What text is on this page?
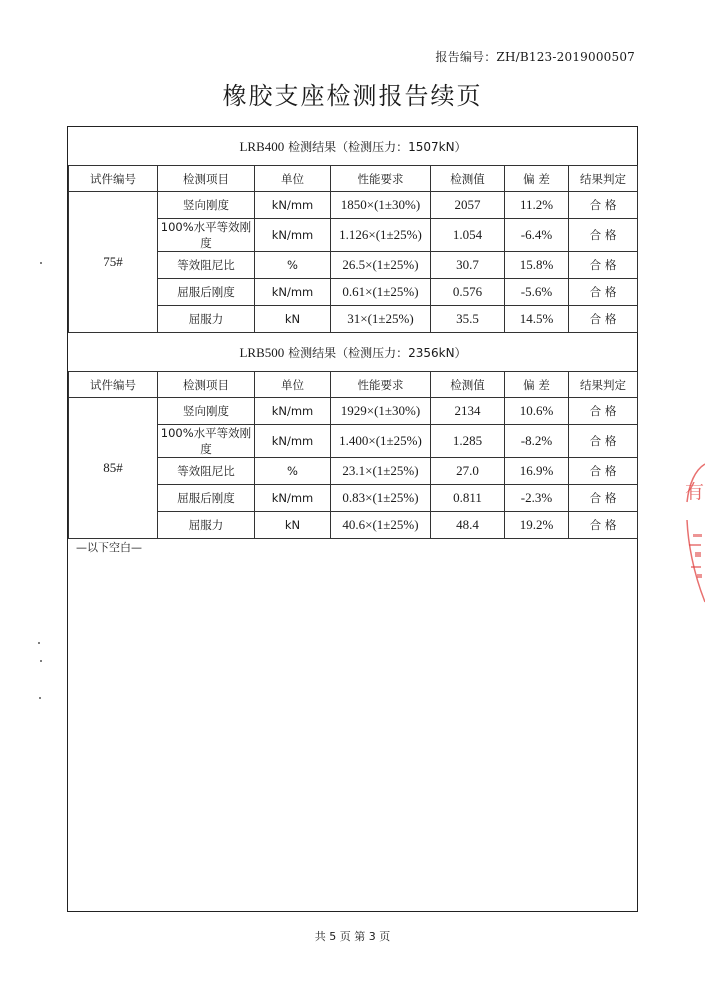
报告编号：ZH/B123-2019000507
橡胶支座检测报告续页
LRB400 检测结果（检测压力：1507kN）						
试件编号	检测项目	单位	性能要求	检测值	偏 差	结果判定
75#	竖向刚度	kN/mm	1850×(1±30%)	2057	11.2%	合 格
	100%水平等效刚度	kN/mm	1.126×(1±25%)	1.054	-6.4%	合 格
	等效阻尼比	%	26.5×(1±25%)	30.7	15.8%	合 格
	屈服后刚度	kN/mm	0.61×(1±25%)	0.576	-5.6%	合 格
	屈服力	kN	31×(1±25%)	35.5	14.5%	合 格
LRB500 检测结果（检测压力：2356kN）						
试件编号	检测项目	单位	性能要求	检测值	偏 差	结果判定
85#	竖向刚度	kN/mm	1929×(1±30%)	2134	10.6%	合 格
	100%水平等效刚度	kN/mm	1.400×(1±25%)	1.285	-8.2%	合 格
	等效阻尼比	%	23.1×(1±25%)	27.0	16.9%	合 格
	屈服后刚度	kN/mm	0.83×(1±25%)	0.811	-2.3%	合 格
	屈服力	kN	40.6×(1±25%)	48.4	19.2%	合 格
—以下空白—
共 5 页 第 3 页
有
